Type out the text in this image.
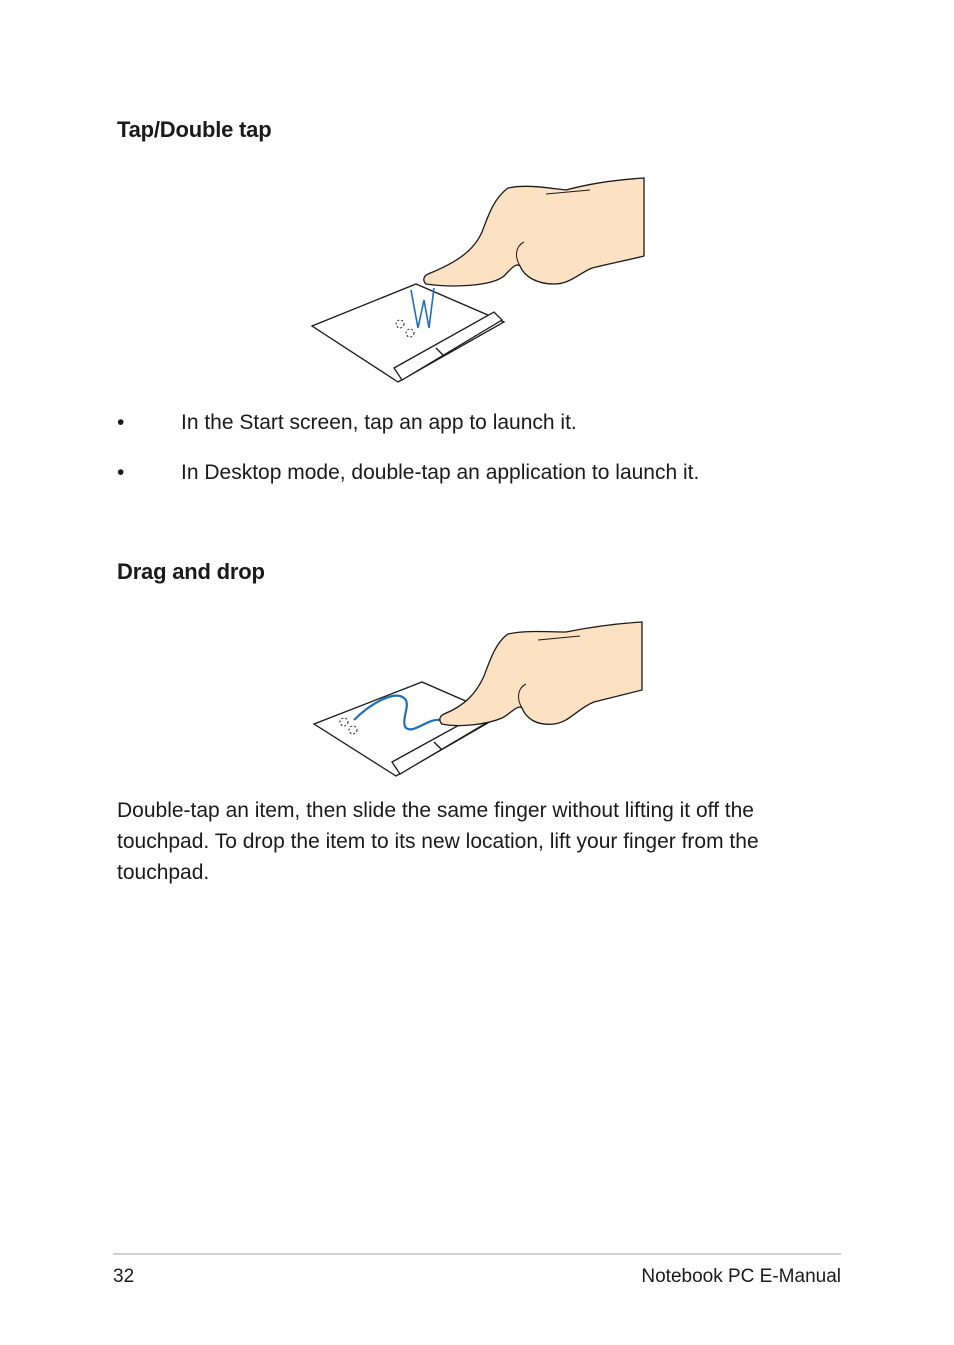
Tap/Double tap
•	In the Start screen, tap an app to launch it.
•	In Desktop mode, double-tap an application to launch it.
Drag and drop
Double-tap an item, then slide the same finger without lifting it off the touchpad. To drop the item to its new location, lift your finger from the touchpad.
32	Notebook PC E-Manual
